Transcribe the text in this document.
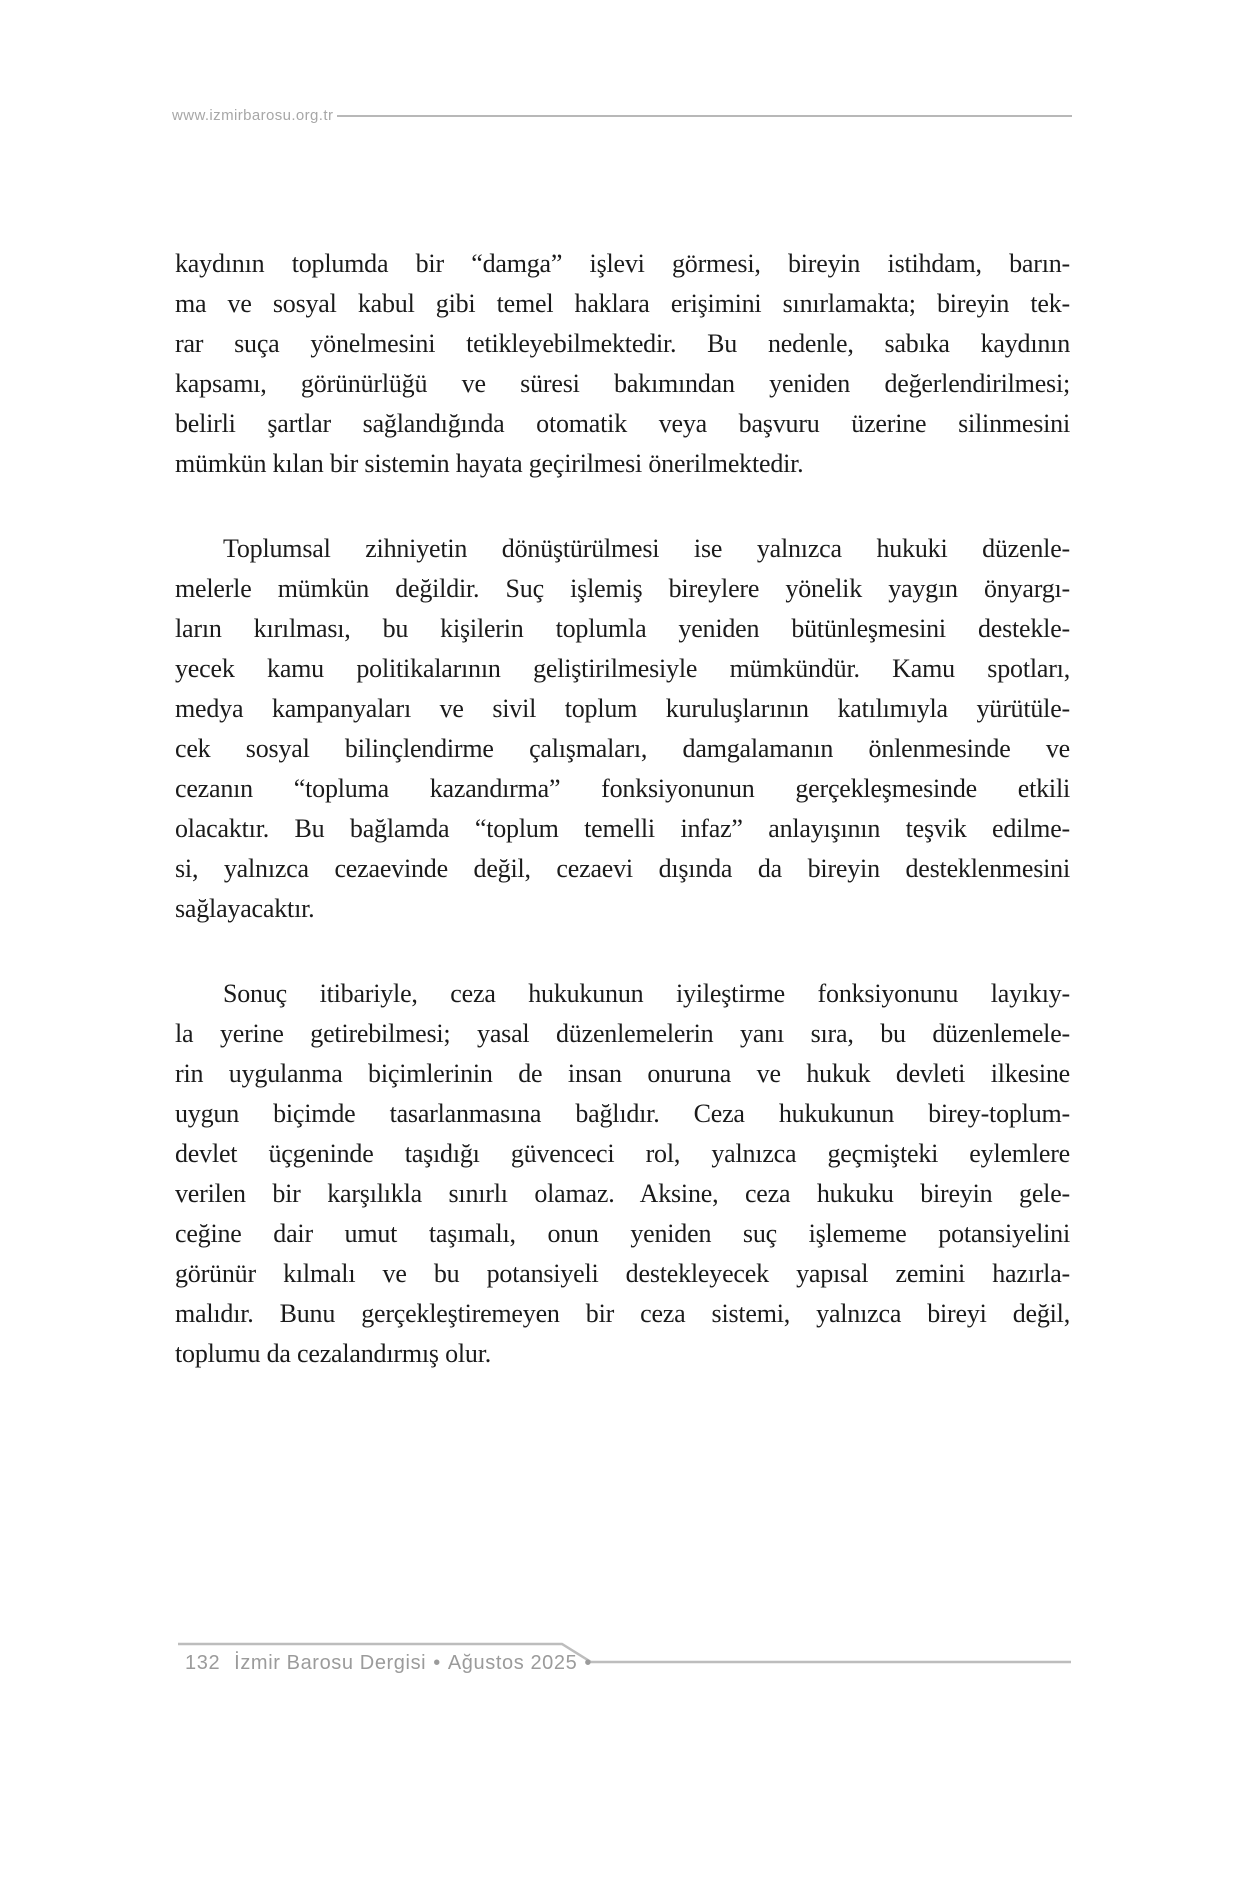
www.izmirbarosu.org.tr
kaydının toplumda bir “damga” işlevi görmesi, bireyin istihdam, barın-
ma ve sosyal kabul gibi temel haklara erişimini sınırlamakta; bireyin tek-
rar suça yönelmesini tetikleyebilmektedir. Bu nedenle, sabıka kaydının
kapsamı, görünürlüğü ve süresi bakımından yeniden değerlendirilmesi;
belirli şartlar sağlandığında otomatik veya başvuru üzerine silinmesini
mümkün kılan bir sistemin hayata geçirilmesi önerilmektedir.
Toplumsal zihniyetin dönüştürülmesi ise yalnızca hukuki düzenle-
melerle mümkün değildir. Suç işlemiş bireylere yönelik yaygın önyargı-
ların kırılması, bu kişilerin toplumla yeniden bütünleşmesini destekle-
yecek kamu politikalarının geliştirilmesiyle mümkündür. Kamu spotları,
medya kampanyaları ve sivil toplum kuruluşlarının katılımıyla yürütüle-
cek sosyal bilinçlendirme çalışmaları, damgalamanın önlenmesinde ve
cezanın “topluma kazandırma” fonksiyonunun gerçekleşmesinde etkili
olacaktır. Bu bağlamda “toplum temelli infaz” anlayışının teşvik edilme-
si, yalnızca cezaevinde değil, cezaevi dışında da bireyin desteklenmesini
sağlayacaktır.
Sonuç itibariyle, ceza hukukunun iyileştirme fonksiyonunu layıkıy-
la yerine getirebilmesi; yasal düzenlemelerin yanı sıra, bu düzenlemele-
rin uygulanma biçimlerinin de insan onuruna ve hukuk devleti ilkesine
uygun biçimde tasarlanmasına bağlıdır. Ceza hukukunun birey-toplum-
devlet üçgeninde taşıdığı güvenceci rol, yalnızca geçmişteki eylemlere
verilen bir karşılıkla sınırlı olamaz. Aksine, ceza hukuku bireyin gele-
ceğine dair umut taşımalı, onun yeniden suç işlememe potansiyelini
görünür kılmalı ve bu potansiyeli destekleyecek yapısal zemini hazırla-
malıdır. Bunu gerçekleştiremeyen bir ceza sistemi, yalnızca bireyi değil,
toplumu da cezalandırmış olur.
132 İzmir Barosu Dergisi • Ağustos 2025 •
